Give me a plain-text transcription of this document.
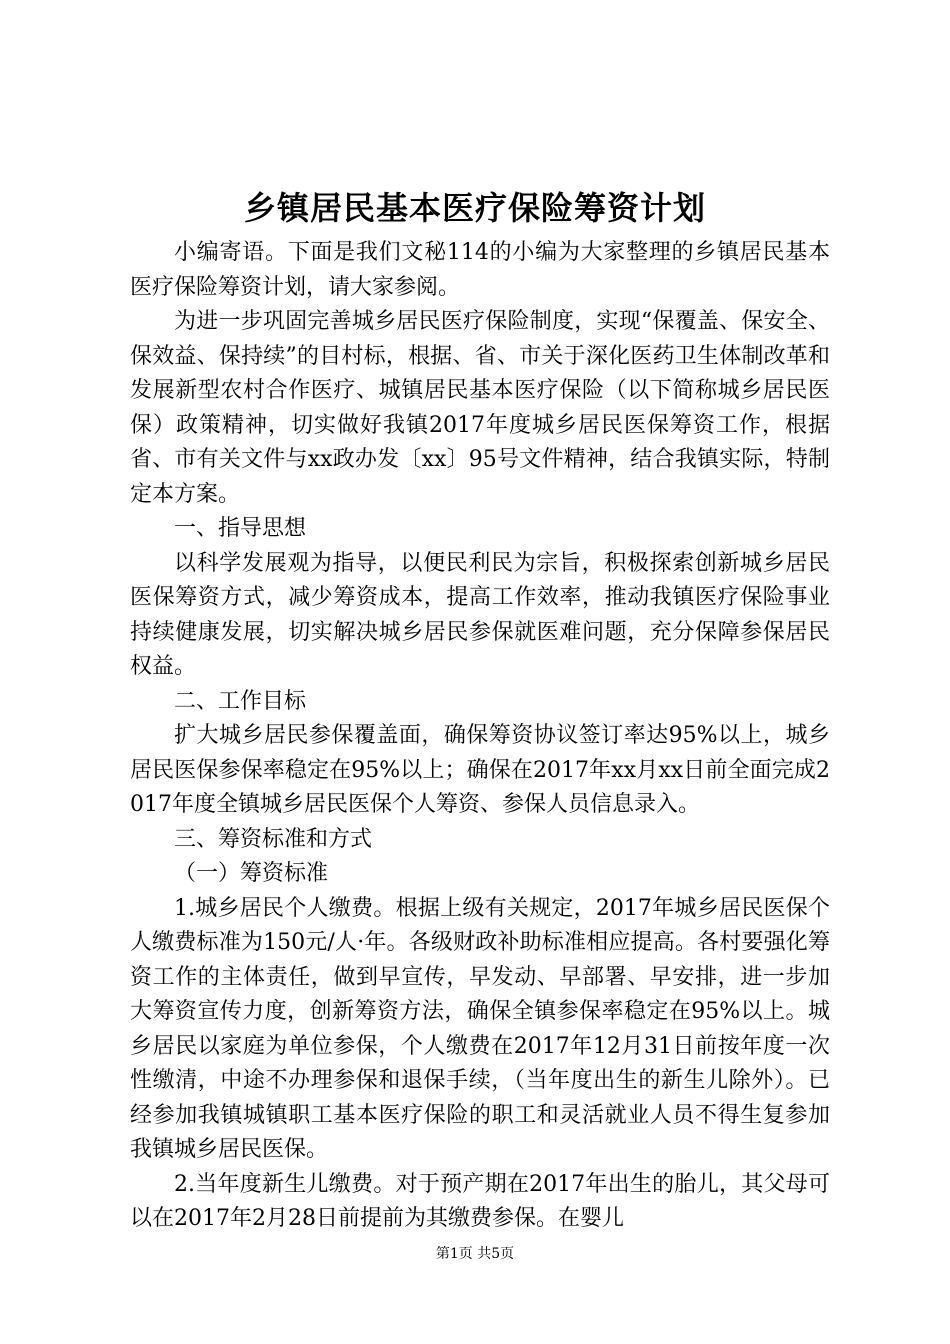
乡镇居民基本医疗保险筹资计划

小编寄语。下面是我们文秘114的小编为大家整理的乡镇居民基本医疗保险筹资计划，请大家参阅。

为进一步巩固完善城乡居民医疗保险制度，实现“保覆盖、保安全、保效益、保持续”的目村标，根据、省、市关于深化医药卫生体制改革和发展新型农村合作医疗、城镇居民基本医疗保险（以下简称城乡居民医保）政策精神，切实做好我镇2017年度城乡居民医保筹资工作，根据省、市有关文件与xx政办发〔xx〕95号文件精神，结合我镇实际，特制定本方案。

一、指导思想

以科学发展观为指导，以便民利民为宗旨，积极探索创新城乡居民医保筹资方式，减少筹资成本，提高工作效率，推动我镇医疗保险事业持续健康发展，切实解决城乡居民参保就医难问题，充分保障参保居民权益。

二、工作目标

扩大城乡居民参保覆盖面，确保筹资协议签订率达95%以上，城乡居民医保参保率稳定在95%以上；确保在2017年xx月xx日前全面完成2017年度全镇城乡居民医保个人筹资、参保人员信息录入。

三、筹资标准和方式

（一）筹资标准

1.城乡居民个人缴费。根据上级有关规定，2017年城乡居民医保个人缴费标准为150元/人·年。各级财政补助标准相应提高。各村要强化筹资工作的主体责任，做到早宣传，早发动、早部署、早安排，进一步加大筹资宣传力度，创新筹资方法，确保全镇参保率稳定在95%以上。城乡居民以家庭为单位参保，个人缴费在2017年12月31日前按年度一次性缴清，中途不办理参保和退保手续，（当年度出生的新生儿除外）。已经参加我镇城镇职工基本医疗保险的职工和灵活就业人员不得生复参加我镇城乡居民医保。

2.当年度新生儿缴费。对于预产期在2017年出生的胎儿，其父母可以在2017年2月28日前提前为其缴费参保。在婴儿

第1页 共5页
